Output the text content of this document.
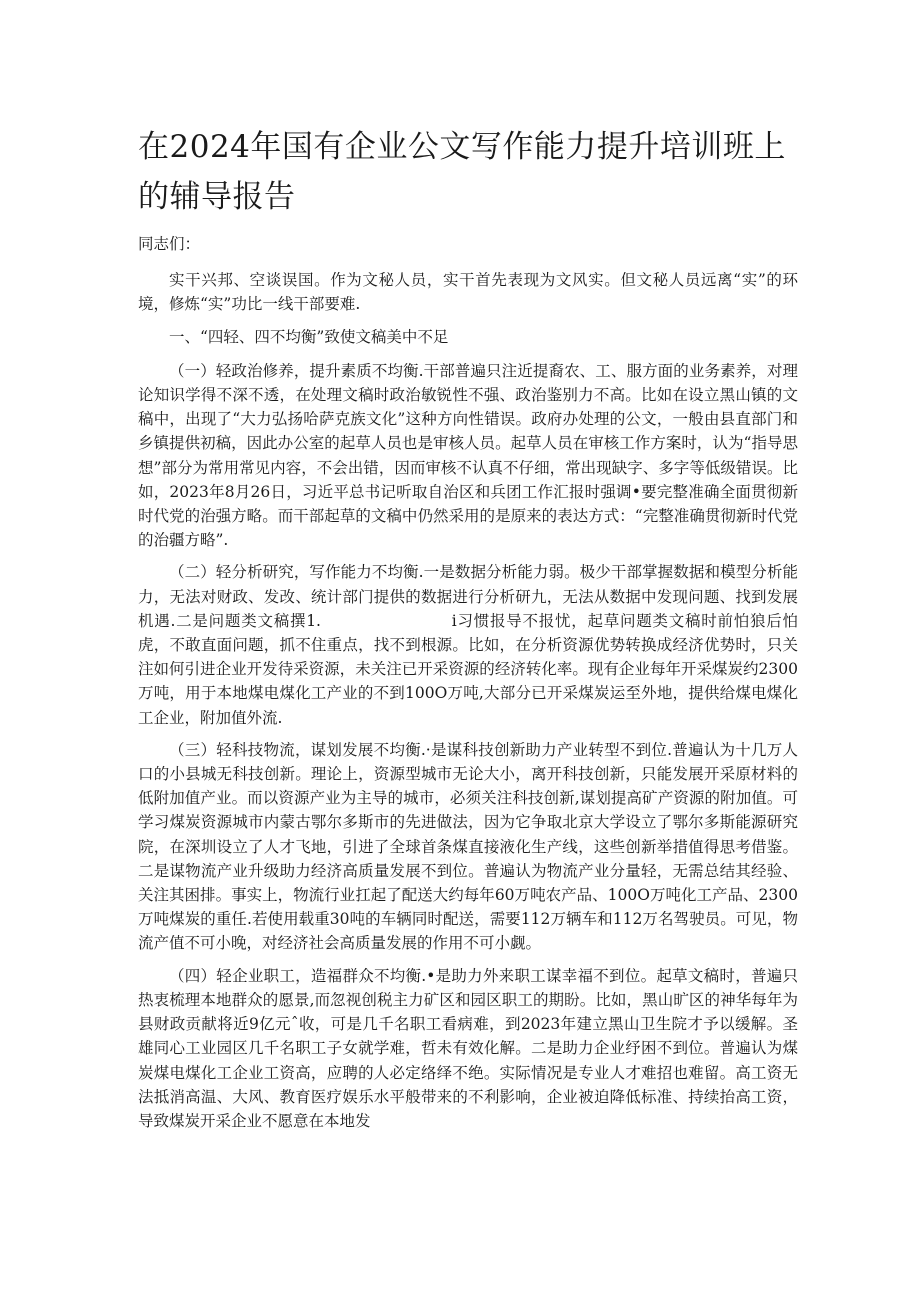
在2024年国有企业公文写作能力提升培训班上的辅导报告

同志们：

实干兴邦、空谈误国。作为文秘人员，实干首先表现为文风实。但文秘人员远离“实”的环境，修炼“实”功比一线干部要难.

一、“四轻、四不均衡”致使文稿美中不足

（一）轻政治修养，提升素质不均衡.干部普遍只注近提裔农、工、服方面的业务素养，对理论知识学得不深不透，在处理文稿时政治敏锐性不强、政治鉴别力不高。比如在设立黑山镇的文稿中，出现了“大力弘扬哈萨克族文化”这种方向性错误。政府办处理的公文，一般由县直部门和乡镇提供初稿，因此办公室的起草人员也是审核人员。起草人员在审核工作方案时，认为“指导思想”部分为常用常见内容，不会出错，因而审核不认真不仔细，常出现缺字、多字等低级错误。比如，2023年8月26日，习近平总书记听取自治区和兵团工作汇报时强调•要完整准确全面贯彻新时代党的治强方略。而干部起草的文稿中仍然采用的是原来的表达方式：“完整准确贯彻新时代党的治疆方略”.

（二）轻分析研究，写作能力不均衡.一是数据分析能力弱。极少干部掌握数据和模型分析能力，无法对财政、发改、统计部门提供的数据进行分析研九，无法从数据中发现问题、找到发展机遇.二是问题类文稿撰1.　　　　　　　　i习惯报导不报忧，起草问题类文稿时前怕狼后怕虎，不敢直面问题，抓不住重点，找不到根源。比如，在分析资源优势转换成经济优势时，只关注如何引进企业开发待采资源，未关注已开采资源的经济转化率。现有企业每年开采煤炭约2300万吨，用于本地煤电煤化工产业的不到100O万吨,大部分已开采煤炭运至外地，提供给煤电煤化工企业，附加值外流.

（三）轻科技物流，谋划发展不均衡.·是谋科技创新助力产业转型不到位.普遍认为十几万人口的小县城无科技创新。理论上，资源型城市无论大小，离开科技创新，只能发展开采原材料的低附加值产业。而以资源产业为主导的城市，必须关注科技创新,谋划提高矿产资源的附加值。可学习煤炭资源城市内蒙古鄂尔多斯市的先进做法，因为它争取北京大学设立了鄂尔多斯能源研究院，在深圳设立了人才飞地，引进了全球首条煤直接液化生产线，这些创新举措值得思考借鉴。二是谋物流产业升级助力经济高质量发展不到位。普遍认为物流产业分量轻，无需总结其经验、关注其困排。事实上，物流行业扛起了配送大约每年60万吨农产品、100O万吨化工产品、2300万吨煤炭的重任.若使用载重30吨的车辆同时配送，需要112万辆车和112万名驾驶员。可见，物流产值不可小晚，对经济社会高质量发展的作用不可小觑。

（四）轻企业职工，造福群众不均衡.•是助力外来职工谋幸福不到位。起草文稿时，普遍只热衷梳理本地群众的愿景,而忽视创税主力矿区和园区职工的期盼。比如，黑山旷区的神华每年为县财政贡献将近9亿元ˆ收，可是几千名职工看病难，到2023年建立黑山卫生院才予以缓解。圣雄同心工业园区几千名职工子女就学难，哲未有效化解。二是助力企业纾困不到位。普遍认为煤炭煤电煤化工企业工资高，应聘的人必定络绎不绝。实际情况是专业人才难招也难留。高工资无法抵消高温、大风、教育医疗娱乐水平般带来的不利影响，企业被迫降低标准、持续抬高工资，导致煤炭开采企业不愿意在本地发
